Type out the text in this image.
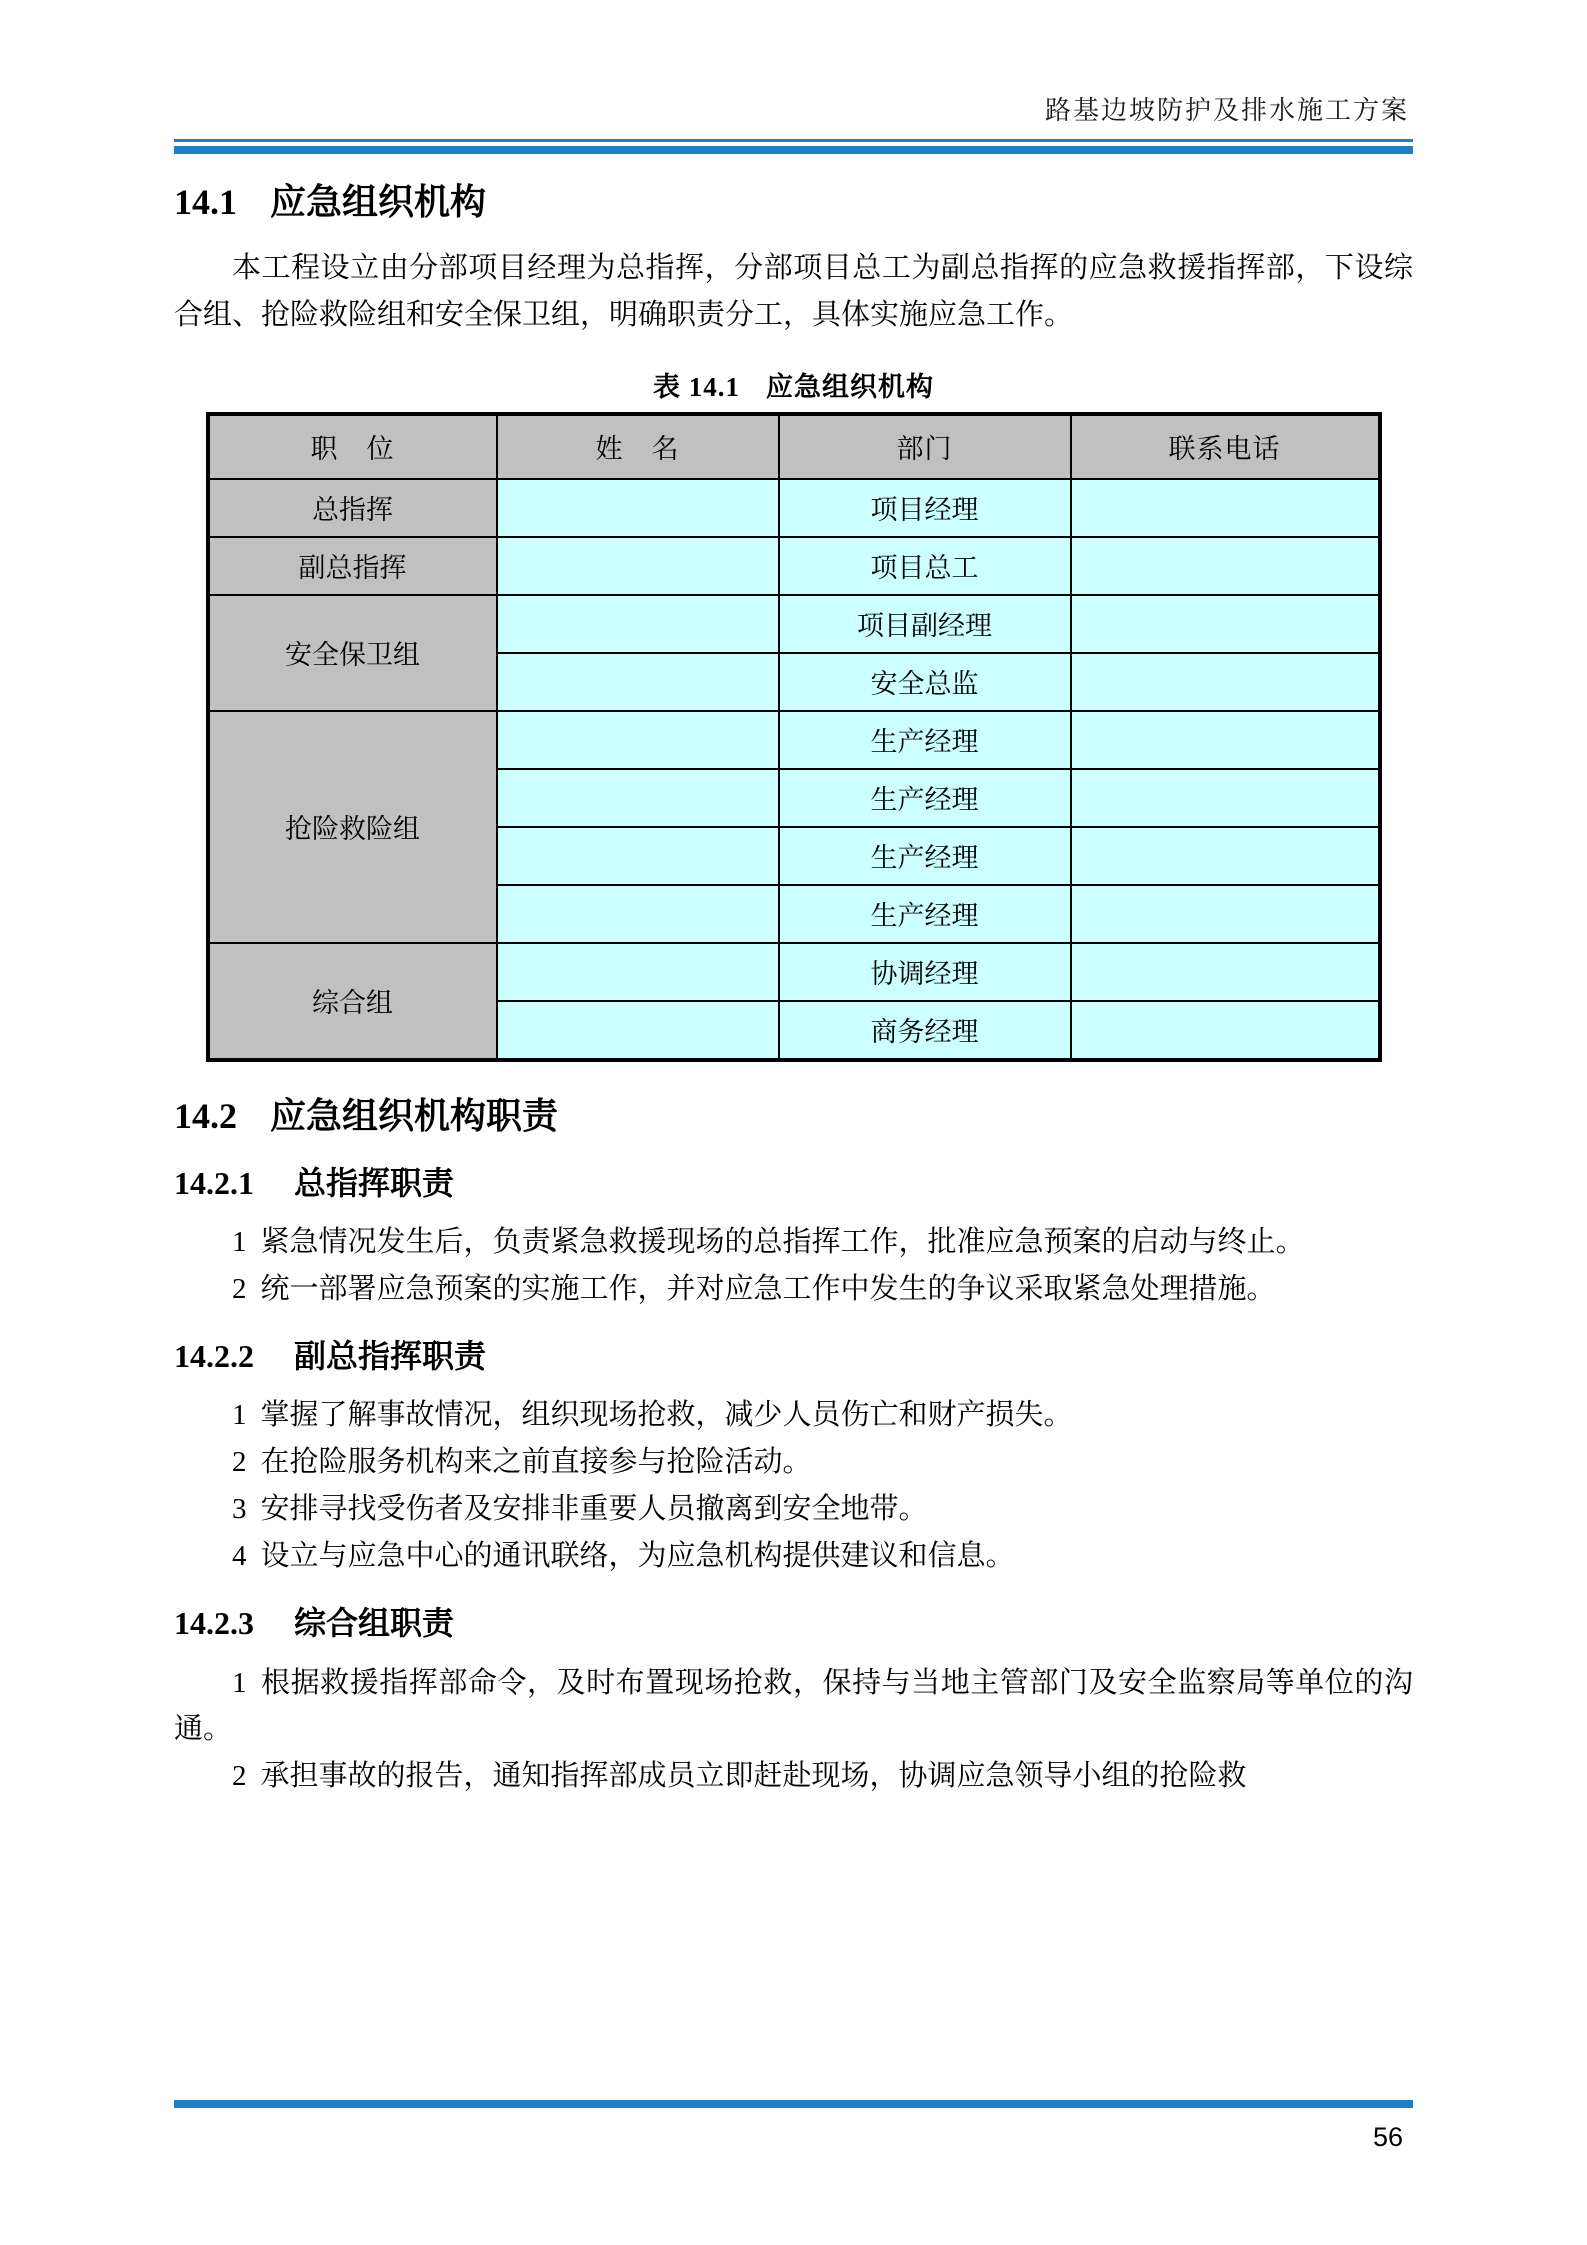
路基边坡防护及排水施工方案
14.1 应急组织机构

本工程设立由分部项目经理为总指挥，分部项目总工为副总指挥的应急救援指挥部，下设综合组、抢险救险组和安全保卫组，明确职责分工，具体实施应急工作。

表 14.1 应急组织机构
职　位	姓　名	部门	联系电话
总指挥		项目经理	
副总指挥		项目总工	
安全保卫组		项目副经理	
		安全总监	
抢险救险组		生产经理	
		生产经理	
		生产经理	
		生产经理	
综合组		协调经理	
		商务经理	
14.2 应急组织机构职责
14.2.1 总指挥职责

1 紧急情况发生后，负责紧急救援现场的总指挥工作，批准应急预案的启动与终止。

2 统一部署应急预案的实施工作，并对应急工作中发生的争议采取紧急处理措施。

14.2.2 副总指挥职责

1 掌握了解事故情况，组织现场抢救，减少人员伤亡和财产损失。

2 在抢险服务机构来之前直接参与抢险活动。

3 安排寻找受伤者及安排非重要人员撤离到安全地带。

4 设立与应急中心的通讯联络，为应急机构提供建议和信息。

14.2.3 综合组职责

1 根据救援指挥部命令，及时布置现场抢救，保持与当地主管部门及安全监察局等单位的沟通。

2 承担事故的报告，通知指挥部成员立即赶赴现场，协调应急领导小组的抢险救

56
